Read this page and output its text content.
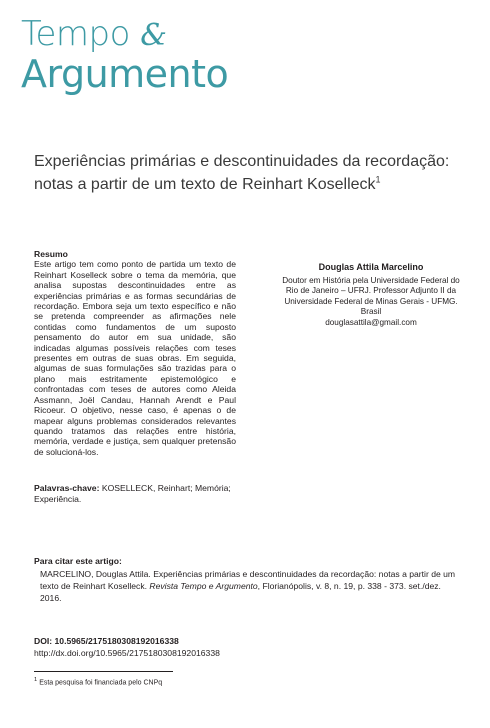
Tempo &
Argumento

Experiências primárias e descontinuidades da recordação:

notas a partir de um texto de Reinhart Koselleck$^1$

Resumo

Este artigo tem como ponto de partida um texto de Reinhart Koselleck sobre o tema da memória, que analisa supostas descontinuidades entre as experiências primárias e as formas secundárias de recordação. Embora seja um texto específico e não se pretenda compreender as afirmações nele contidas como fundamentos de um suposto pensamento do autor em sua unidade, são indicadas algumas possíveis relações com teses presentes em outras de suas obras. Em seguida, algumas de suas formulações são trazidas para o plano mais estritamente epistemológico e confrontadas com teses de autores como Aleida Assmann, Joël Candau, Hannah Arendt e Paul Ricoeur. O objetivo, nesse caso, é apenas o de mapear alguns problemas considerados relevantes quando tratamos das relações entre história, memória, verdade e justiça, sem qualquer pretensão de solucioná-los.

Palavras-chave: KOSELLECK, Reinhart; Memória; Experiência.

Douglas Attila Marcelino

Doutor em História pela Universidade Federal do

Rio de Janeiro – UFRJ. Professor Adjunto II da

Universidade Federal de Minas Gerais - UFMG.

Brasil

douglasattila@gmail.com

Para citar este artigo:

MARCELINO, Douglas Attila. Experiências primárias e descontinuidades da recordação: notas a partir de um texto de Reinhart Koselleck. Revista Tempo e Argumento, Florianópolis, v. 8, n. 19, p. 338 - 373. set./dez. 2016.

DOI: 10.5965/2175180308192016338

http://dx.doi.org/10.5965/2175180308192016338

$^1$ Esta pesquisa foi financiada pelo CNPq
